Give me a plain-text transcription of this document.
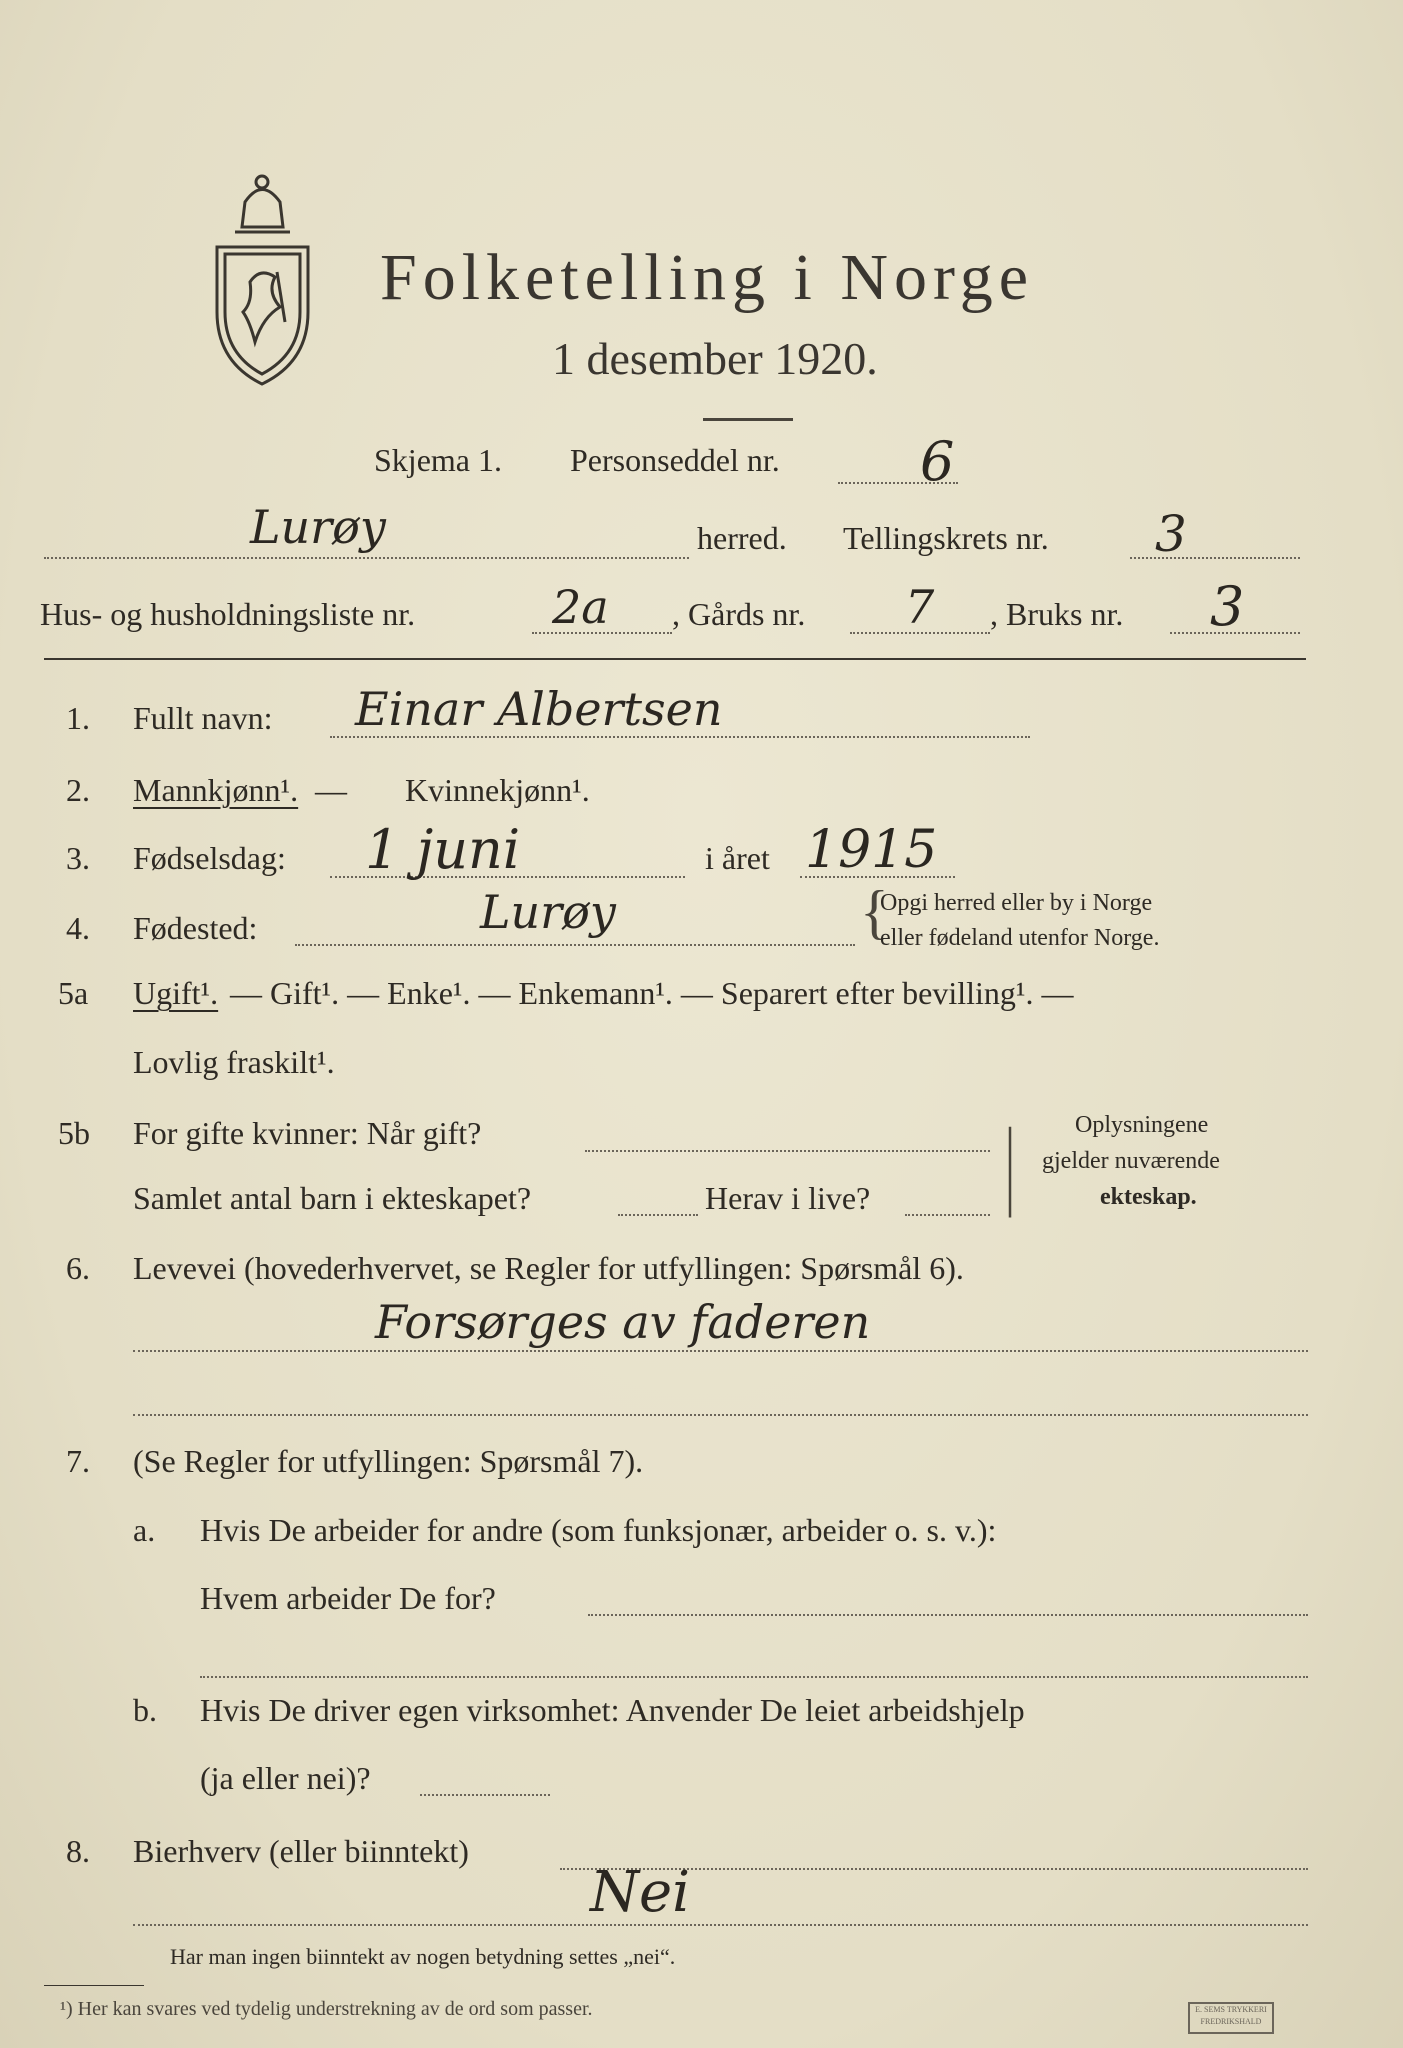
Folketelling i Norge
1 desember 1920.
Skjema 1. Personseddel nr.	6
Lurøy	herred. Tellingskrets nr. 3
Hus- og husholdningsliste nr.	2a , Gårds nr. 7 , Bruks nr. 3
1. Fullt navn: Einar Albertsen
2. Mannkjønn¹. — Kvinnekjønn¹.
3. Fødselsdag: 1 juni	i året 1915
4. Fødested:	Lurøy	{
Opgi herred eller by i Norge
eller fødeland utenfor Norge.
5a Ugift¹. — Gift¹. — Enke¹. — Enkemann¹. — Separert efter bevilling¹. —
Lovlig fraskilt¹.
5b For gifte kvinner: Når gift?
Samlet antal barn i ekteskapet?	Herav i live? | Oplysningene
gjelder nuværende
ekteskap.
6. Levevei (hovederhvervet, se Regler for utfyllingen: Spørsmål 6).
Forsørges av faderen
7. (Se Regler for utfyllingen: Spørsmål 7).
a. Hvis De arbeider for andre (som funksjonær, arbeider o. s. v.):
Hvem arbeider De for?
b. Hvis De driver egen virksomhet: Anvender De leiet arbeidshjelp
(ja eller nei)?
8. Bierhverv (eller biinntekt)
Nei
Har man ingen biinntekt av nogen betydning settes „nei“.
¹) Her kan svares ved tydelig understrekning av de ord som passer.	E. SEMS TRYKKERI FREDRIKSHALD
